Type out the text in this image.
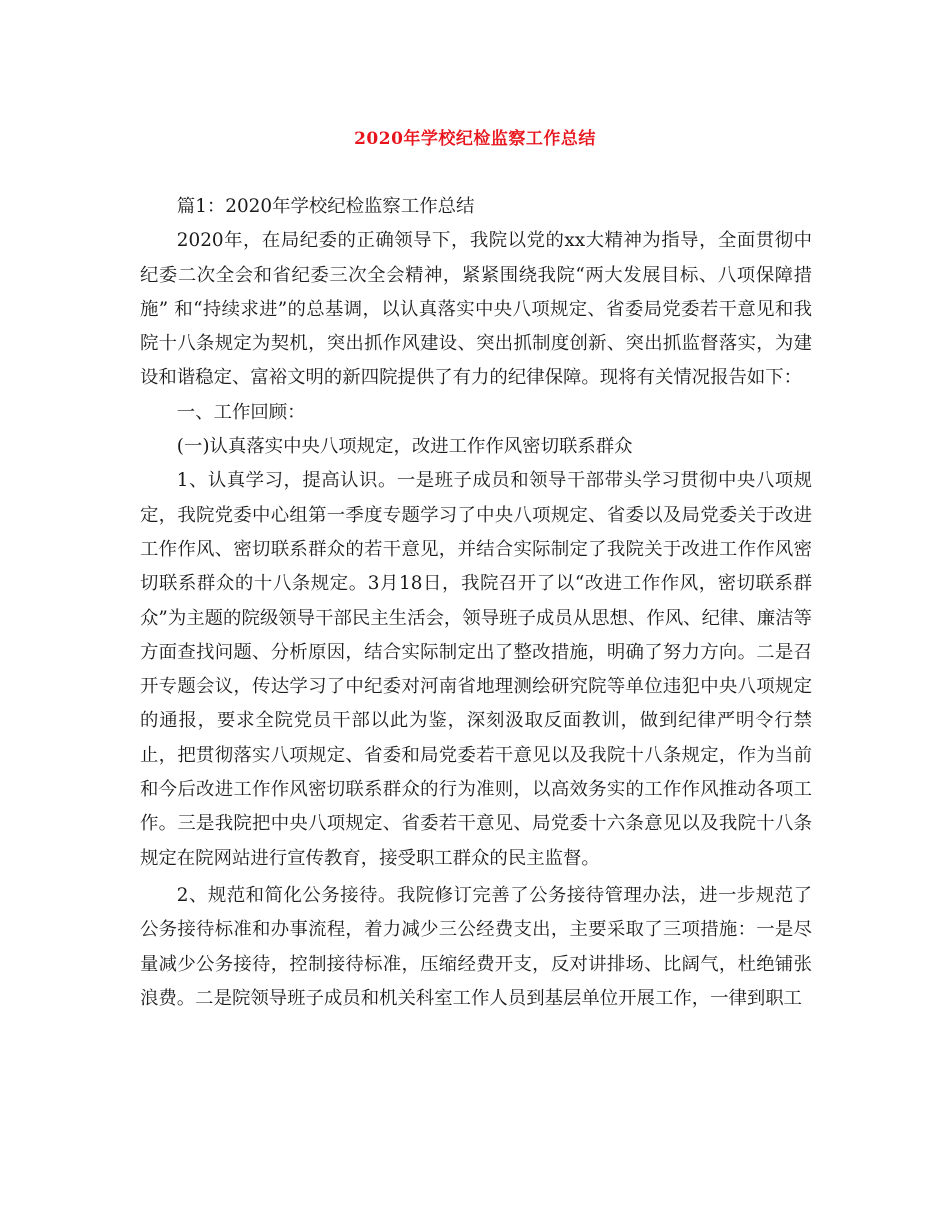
2020年学校纪检监察工作总结

篇1：2020年学校纪检监察工作总结

2020年，在局纪委的正确领导下，我院以党的xx大精神为指导，全面贯彻中纪委二次全会和省纪委三次全会精神，紧紧围绕我院“两大发展目标、八项保障措施” 和“持续求进”的总基调，以认真落实中央八项规定、省委局党委若干意见和我院十八条规定为契机，突出抓作风建设、突出抓制度创新、突出抓监督落实，为建设和谐稳定、富裕文明的新四院提供了有力的纪律保障。现将有关情况报告如下：

一、工作回顾：

(一)认真落实中央八项规定，改进工作作风密切联系群众

1、认真学习，提高认识。一是班子成员和领导干部带头学习贯彻中央八项规定，我院党委中心组第一季度专题学习了中央八项规定、省委以及局党委关于改进工作作风、密切联系群众的若干意见，并结合实际制定了我院关于改进工作作风密切联系群众的十八条规定。3月18日，我院召开了以“改进工作作风，密切联系群众”为主题的院级领导干部民主生活会，领导班子成员从思想、作风、纪律、廉洁等方面查找问题、分析原因，结合实际制定出了整改措施，明确了努力方向。二是召开专题会议，传达学习了中纪委对河南省地理测绘研究院等单位违犯中央八项规定的通报，要求全院党员干部以此为鉴，深刻汲取反面教训，做到纪律严明令行禁止，把贯彻落实八项规定、省委和局党委若干意见以及我院十八条规定，作为当前和今后改进工作作风密切联系群众的行为准则，以高效务实的工作作风推动各项工作。三是我院把中央八项规定、省委若干意见、局党委十六条意见以及我院十八条规定在院网站进行宣传教育，接受职工群众的民主监督。

2、规范和简化公务接待。我院修订完善了公务接待管理办法，进一步规范了公务接待标准和办事流程，着力减少三公经费支出，主要采取了三项措施：一是尽量减少公务接待，控制接待标准，压缩经费开支，反对讲排场、比阔气，杜绝铺张浪费。二是院领导班子成员和机关科室工作人员到基层单位开展工作，一律到职工
